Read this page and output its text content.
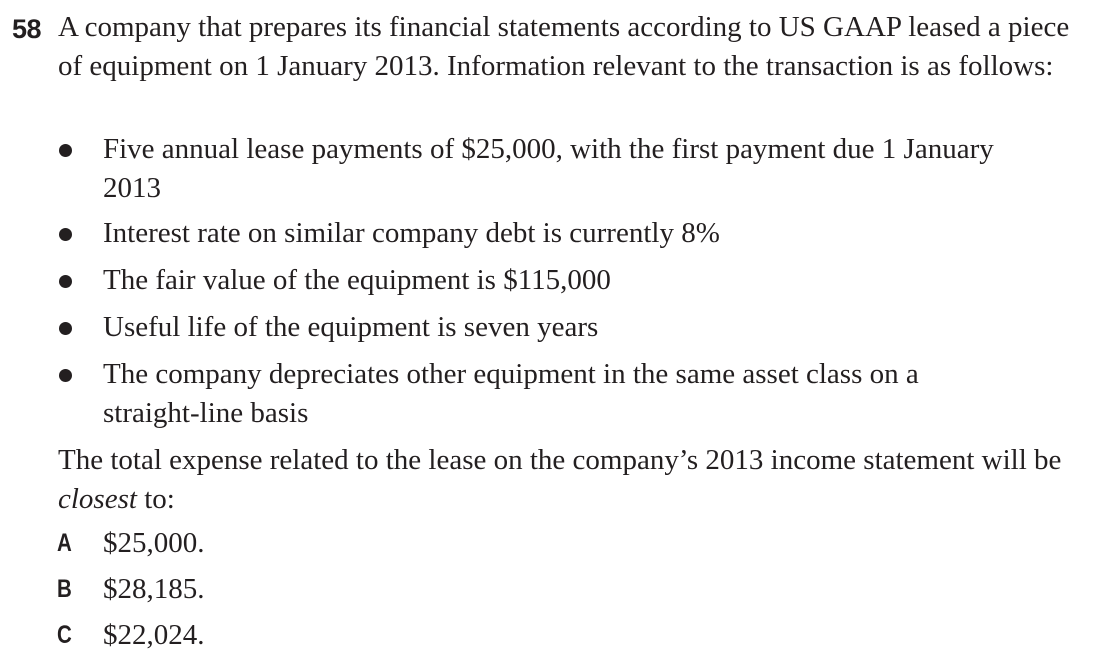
58 A company that prepares its financial statements according to US GAAP leased a piece of equipment on 1 January 2013. Information relevant to the transaction is as follows:

Five annual lease payments of $25,000, with the first payment due 1 January 2013
Interest rate on similar company debt is currently 8%
The fair value of the equipment is $115,000
Useful life of the equipment is seven years
The company depreciates other equipment in the same asset class on a straight-line basis

The total expense related to the lease on the company’s 2013 income statement will be closest to:

A $25,000.
B $28,185.
C $22,024.
